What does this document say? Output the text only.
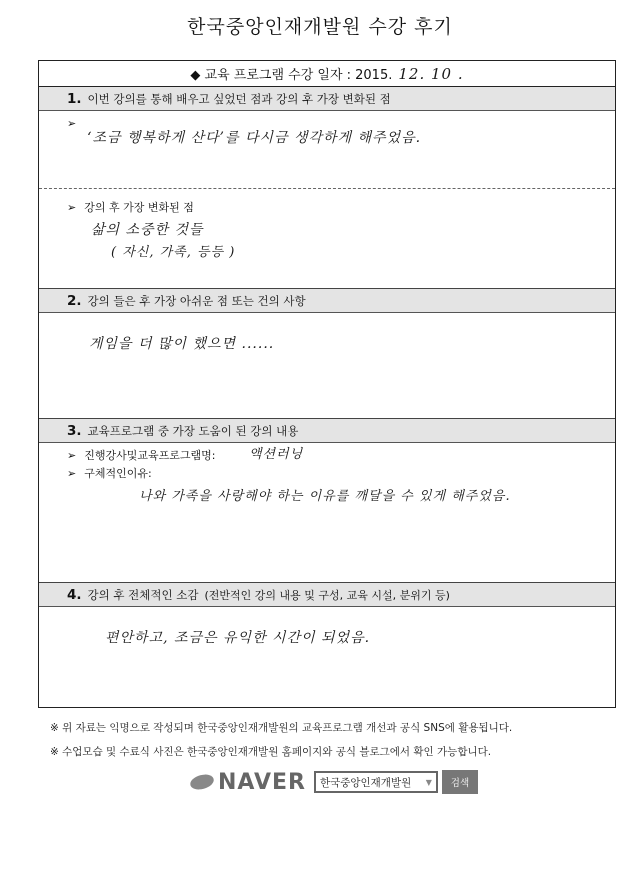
한국중앙인재개발원 수강 후기
◆ 교육 프로그램 수강 일자 : 2015. 12. 10 .
1. 이번 강의를 통해 배우고 싶었던 점과 강의 후 가장 변화된 점
➢
‘조금 행복하게 산다’를 다시금 생각하게 해주었음.
➢ 강의 후 가장 변화된 점
삶의 소중한 것들
( 자신, 가족, 등등 )
2. 강의 들은 후 가장 아쉬운 점 또는 건의 사항
게임을 더 많이 했으면 ......
3. 교육프로그램 중 가장 도움이 된 강의 내용
➢ 진행강사및교육프로그램명:	액션러닝
➢ 구체적인이유:
나와 가족을 사랑해야 하는 이유를 깨달을 수 있게 해주었음.
4. 강의 후 전체적인 소감 (전반적인 강의 내용 및 구성, 교육 시설, 분위기 등)
편안하고, 조금은 유익한 시간이 되었음.
※ 위 자료는 익명으로 작성되며 한국중앙인재개발원의 교육프로그램 개선과 공식 SNS에 활용됩니다.
※ 수업모습 및 수료식 사진은 한국중앙인재개발원 홈페이지와 공식 블로그에서 확인 가능합니다.
NAVER 한국중앙인재개발원 ▼	검색
